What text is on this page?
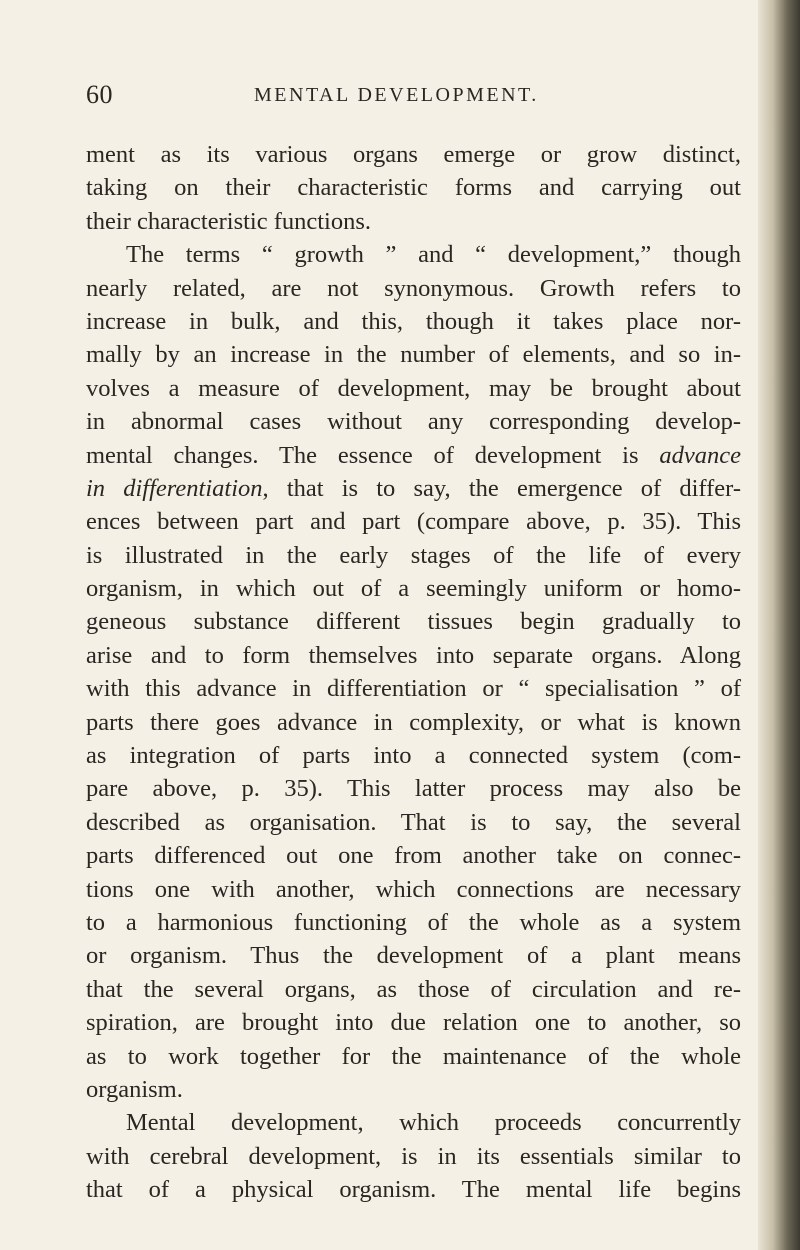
60	MENTAL DEVELOPMENT.
ment as its various organs emerge or grow distinct,
taking on their characteristic forms and carrying out
their characteristic functions.
The terms “ growth ” and “ development,” though
nearly related, are not synonymous. Growth refers to
increase in bulk, and this, though it takes place nor-
mally by an increase in the number of elements, and so in-
volves a measure of development, may be brought about
in abnormal cases without any corresponding develop-
mental changes. The essence of development is advance
in differentiation, that is to say, the emergence of differ-
ences between part and part (compare above, p. 35). This
is illustrated in the early stages of the life of every
organism, in which out of a seemingly uniform or homo-
geneous substance different tissues begin gradually to
arise and to form themselves into separate organs. Along
with this advance in differentiation or “ specialisation ” of
parts there goes advance in complexity, or what is known
as integration of parts into a connected system (com-
pare above, p. 35). This latter process may also be
described as organisation. That is to say, the several
parts differenced out one from another take on connec-
tions one with another, which connections are necessary
to a harmonious functioning of the whole as a system
or organism. Thus the development of a plant means
that the several organs, as those of circulation and re-
spiration, are brought into due relation one to another, so
as to work together for the maintenance of the whole
organism.
Mental development, which proceeds concurrently
with cerebral development, is in its essentials similar to
that of a physical organism. The mental life begins
